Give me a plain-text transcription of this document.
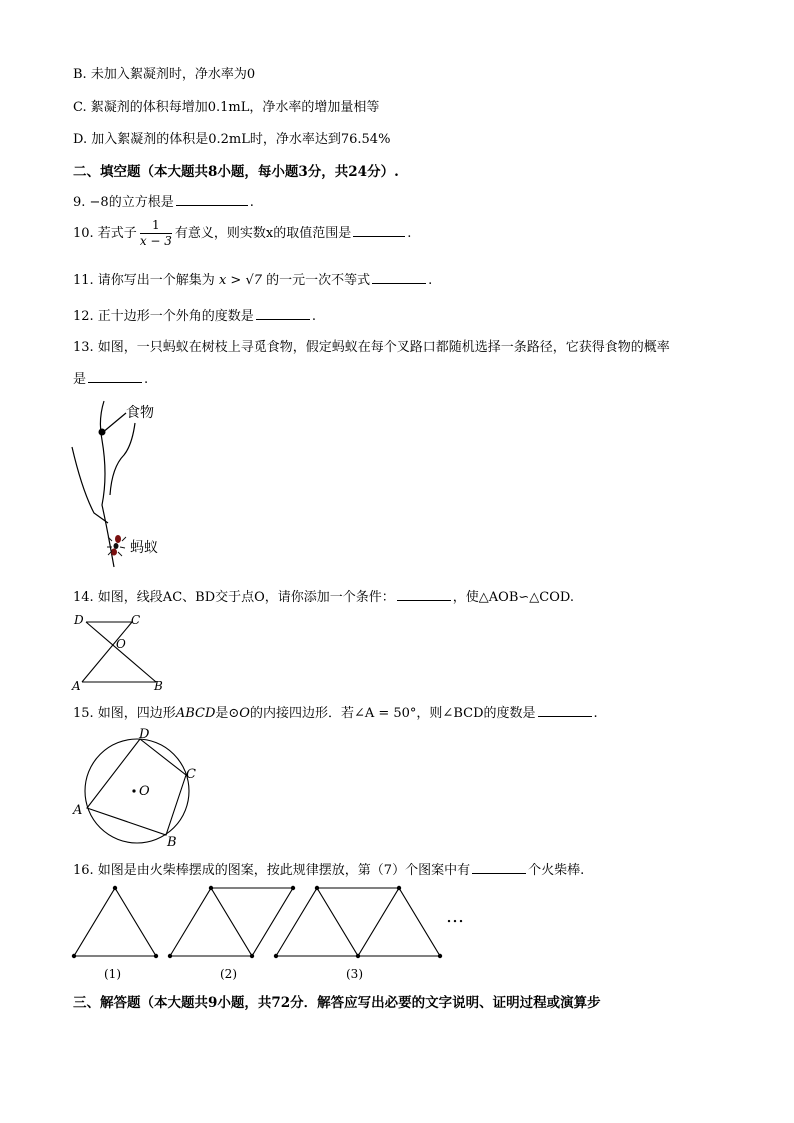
B. 未加入絮凝剂时，净水率为0
C. 絮凝剂的体积每增加0.1mL，净水率的增加量相等
D. 加入絮凝剂的体积是0.2mL时，净水率达到76.54%
二、填空题（本大题共8小题，每小题3分，共24分）.
9. −8的立方根是	.
10. 若式子 $\frac{1}{x - 3}$ 有意义，则实数x的取值范围是	.
11. 请你写出一个解集为 x > √7 的一元一次不等式	.
12. 正十边形一个外角的度数是	.
13. 如图，一只蚂蚁在树枝上寻觅食物，假定蚂蚁在每个叉路口都随机选择一条路径，它获得食物的概率
是	.
食物
蚂蚁
14. 如图，线段AC、BD交于点O，请你添加一个条件：	，使△AOB∽△COD.
D	C
O
A	B
15. 如图，四边形ABCD是⊙O的内接四边形．若∠A = 50°，则∠BCD的度数是	.
O
A
B
C
D
16. 如图是由火柴棒摆成的图案，按此规律摆放，第（7）个图案中有	个火柴棒.
(1)	(2)	(3)
…
三、解答题（本大题共9小题，共72分．解答应写出必要的文字说明、证明过程或演算步
